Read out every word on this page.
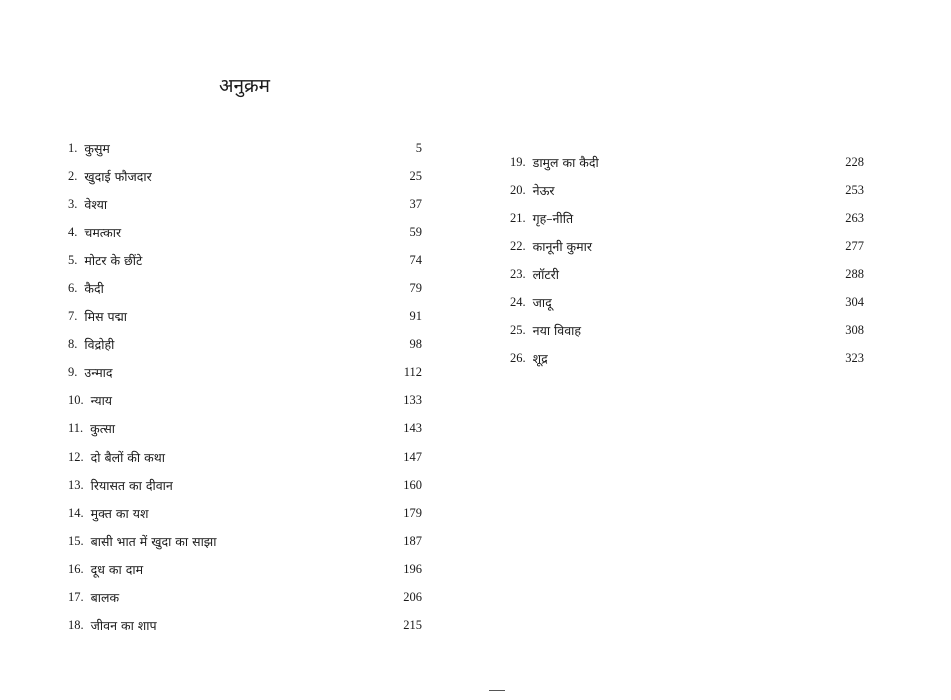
अनुक्रम
1. कुसुम	5
2. खुदाई फौजदार	25
3. वेश्या	37
4. चमत्कार	59
5. मोटर के छींटे	74
6. कैदी	79
7. मिस पद्मा	91
8. विद्रोही	98
9. उन्माद	112
10. न्याय	133
11. कुत्सा	143
12. दो बैलों की कथा	147
13. रियासत का दीवान	160
14. मुक्त का यश	179
15. बासी भात में खुदा का साझा	187
16. दूध का दाम	196
17. बालक	206
18. जीवन का शाप	215
19. डामुल का कैदी	228
20. नेऊर	253
21. गृह–नीति	263
22. कानूनी कुमार	277
23. लॉटरी	288
24. जादू	304
25. नया विवाह	308
26. शूद्र	323
